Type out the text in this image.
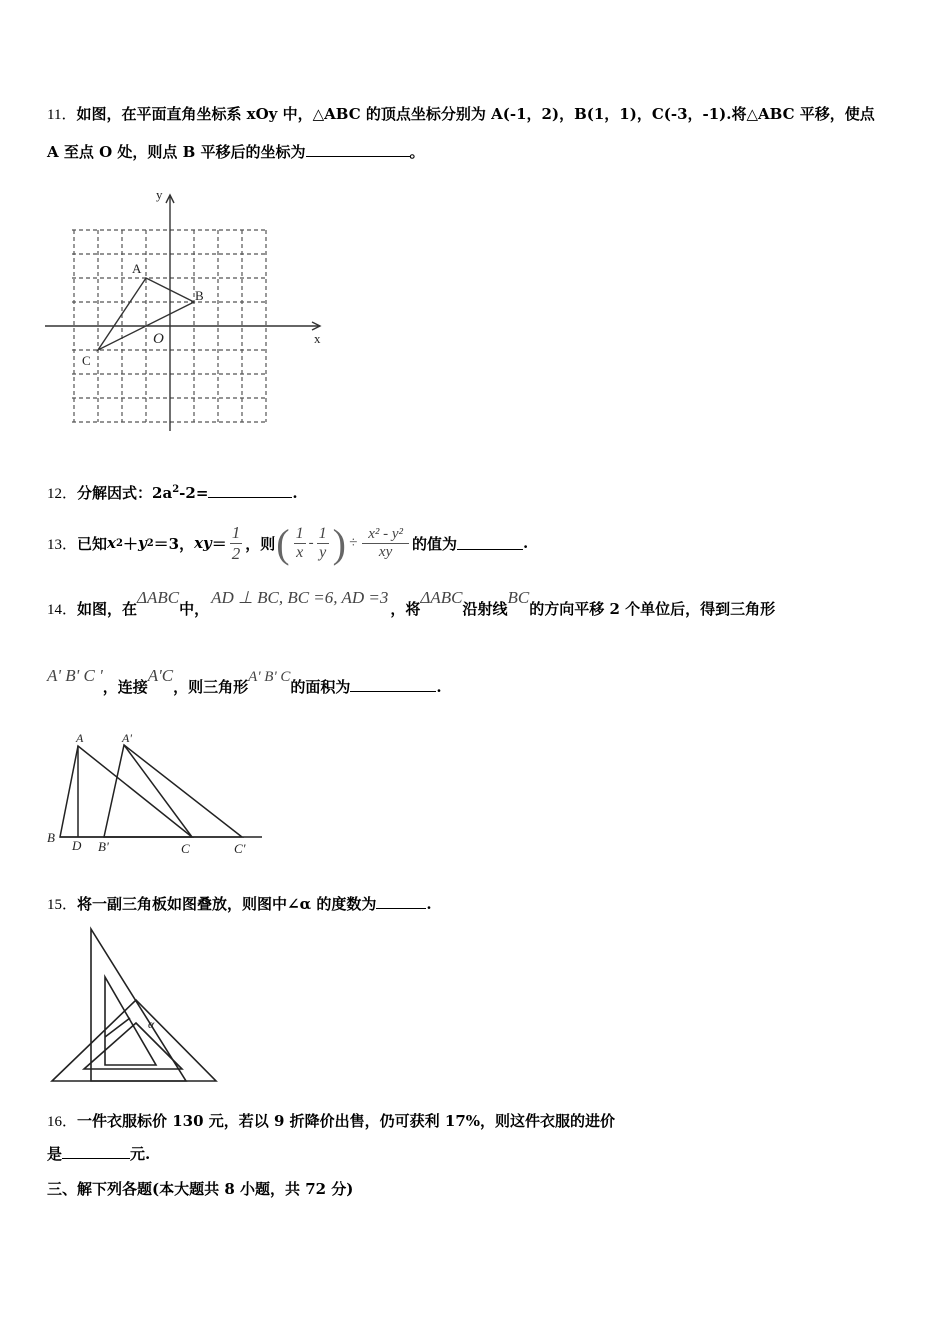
11．如图，在平面直角坐标系 xOy 中，△ABC 的顶点坐标分别为 A(-1，2)，B(1，1)，C(-3，-1).将△ABC 平移，使点
A 至点 O 处，则点 B 平移后的坐标为	。
x
y
O
A
B
C
12．分解因式：$2a^2-2=$	.
13． 已知 x 2 ＋ y 2 ＝3， xy ＝ $\frac{1}{2}$ ，则 ( $\frac{1}{x} - \frac{1}{y}$ ) ÷ $\frac{\text{x² - y²}}{xy}$ 的值为	.
14．如图，在ΔABC中，AD ⊥ BC, BC =6, AD =3，将ΔABC沿射线BC的方向平移 2 个单位后，得到三角形
A' B' C '，连接A'C，则三角形A' B' C的面积为	.
A	A'
B
D B'	C	C'
15．将一副三角板如图叠放，则图中∠α 的度数为	.
α
16．一件衣服标价 130 元，若以 9 折降价出售，仍可获利 17%，则这件衣服的进价
是	元.
三、解下列各题(本大题共 8 小题，共 72 分)
